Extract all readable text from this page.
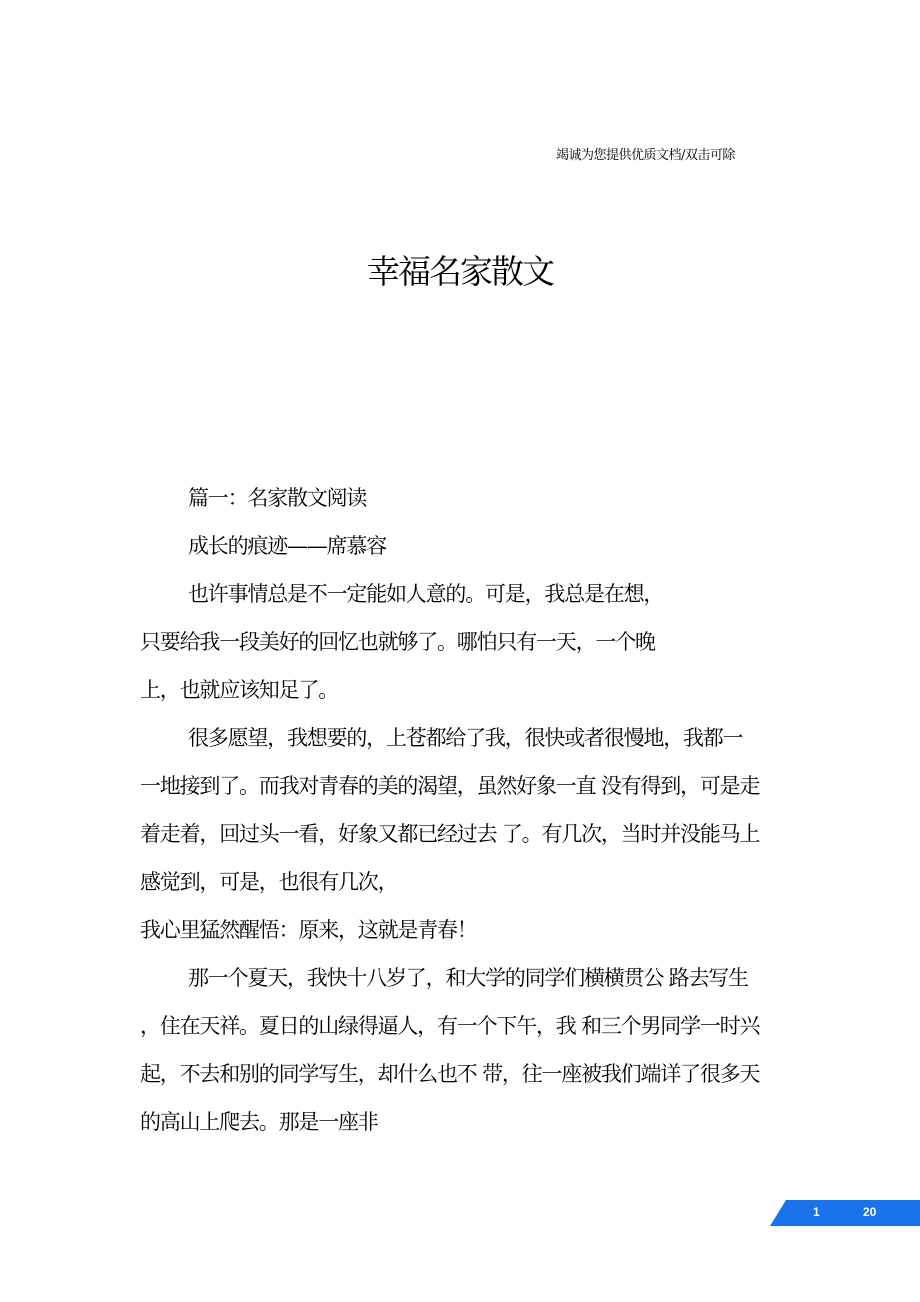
竭诚为您提供优质文档/双击可除
幸福名家散文
篇一：名家散文阅读
成长的痕迹——席慕容
也许事情总是不一定能如人意的。可是，我总是在想，
只要给我一段美好的回忆也就够了。哪怕只有一天，一个晚
上，也就应该知足了。
很多愿望，我想要的，上苍都给了我，很快或者很慢地，我都一
一地接到了。而我对青春的美的渴望，虽然好象一直 没有得到，可是走
着走着，回过头一看，好象又都已经过去 了。有几次，当时并没能马上
感觉到，可是，也很有几次，
我心里猛然醒悟：原来，这就是青春！
那一个夏天，我快十八岁了，和大学的同学们横横贯公 路去写生
，住在天祥。夏日的山绿得逼人，有一个下午，我 和三个男同学一时兴
起，不去和别的同学写生，却什么也不 带，往一座被我们端详了很多天
的高山上爬去。那是一座非
1	20
